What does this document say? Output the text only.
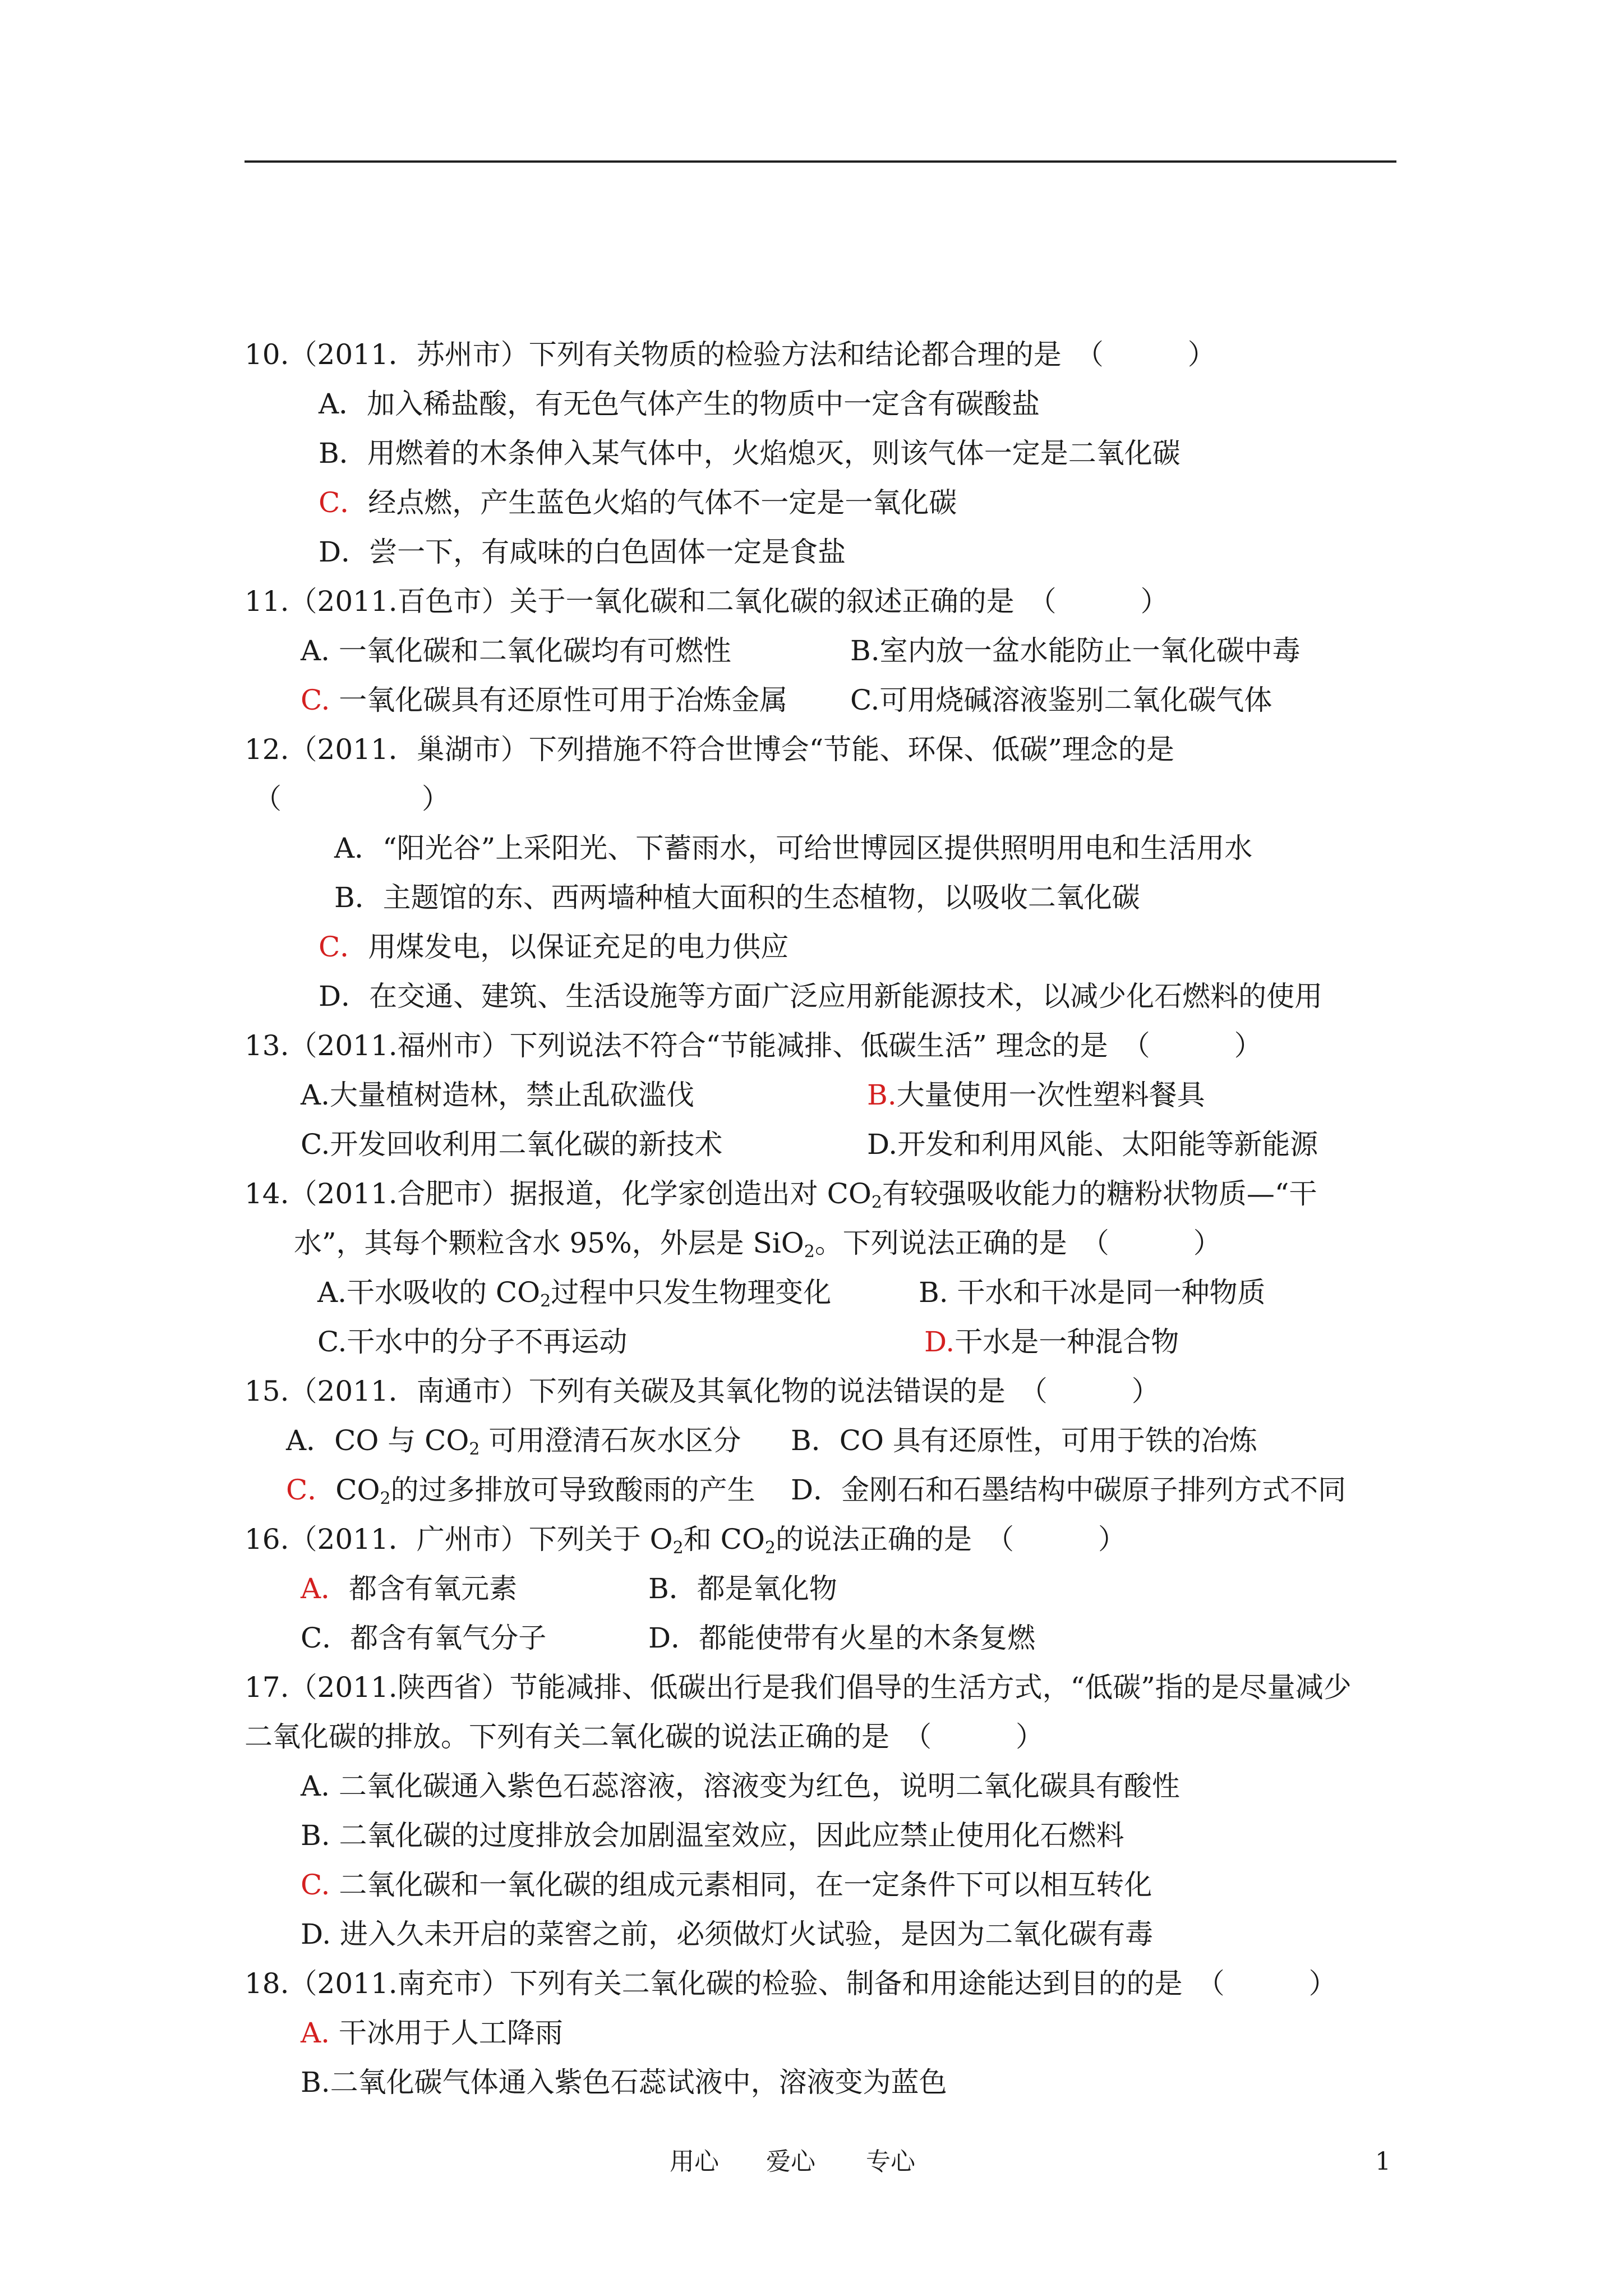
10.（2011．苏州市）下列有关物质的检验方法和结论都合理的是　（　　　）
A．加入稀盐酸，有无色气体产生的物质中一定含有碳酸盐
B．用燃着的木条伸入某气体中，火焰熄灭，则该气体一定是二氧化碳
C．经点燃，产生蓝色火焰的气体不一定是一氧化碳
D．尝一下，有咸味的白色固体一定是食盐
11.（2011.百色市）关于一氧化碳和二氧化碳的叙述正确的是　（　　　）
A. 一氧化碳和二氧化碳均有可燃性	B.室内放一盆水能防止一氧化碳中毒
C. 一氧化碳具有还原性可用于冶炼金属 C.可用烧碱溶液鉴别二氧化碳气体
12.（2011．巢湖市）下列措施不符合世博会“节能、环保、低碳”理念的是
（　　　　　）
A．“阳光谷”上采阳光、下蓄雨水，可给世博园区提供照明用电和生活用水
B．主题馆的东、西两墙种植大面积的生态植物，以吸收二氧化碳
C．用煤发电，以保证充足的电力供应
D．在交通、建筑、生活设施等方面广泛应用新能源技术，以减少化石燃料的使用
13.（2011.福州市）下列说法不符合“节能减排、低碳生活” 理念的是　（　　　）
A.大量植树造林，禁止乱砍滥伐	B.大量使用一次性塑料餐具
C.开发回收利用二氧化碳的新技术	D.开发和利用风能、太阳能等新能源
14.（2011.合肥市）据报道，化学家创造出对 $CO_2$有较强吸收能力的糖粉状物质—“干
水”，其每个颗粒含水 95%，外层是 SiO$_2$。下列说法正确的是　（　　　）
A.干水吸收的 $CO_2$过程中只发生物理变化	B. 干水和干冰是同一种物质
C.干水中的分子不再运动	D.干水是一种混合物
15.（2011．南通市）下列有关碳及其氧化物的说法错误的是　（　　　）
A．CO 与 $CO_2$ 可用澄清石灰水区分 B．CO 具有还原性，可用于铁的冶炼
C．$CO_2$的过多排放可导致酸雨的产生 D．金刚石和石墨结构中碳原子排列方式不同
16.（2011．广州市）下列关于 $O_2$和 $CO_2$的说法正确的是　（　　　）
A．都含有氧元素	B．都是氧化物
C．都含有氧气分子	D．都能使带有火星的木条复燃
17.（2011.陕西省）节能减排、低碳出行是我们倡导的生活方式，“低碳”指的是尽量减少
二氧化碳的排放。下列有关二氧化碳的说法正确的是　（　　　）
A. 二氧化碳通入紫色石蕊溶液，溶液变为红色，说明二氧化碳具有酸性
B. 二氧化碳的过度排放会加剧温室效应，因此应禁止使用化石燃料
C. 二氧化碳和一氧化碳的组成元素相同，在一定条件下可以相互转化
D. 进入久未开启的菜窖之前，必须做灯火试验，是因为二氧化碳有毒
18.（2011.南充市）下列有关二氧化碳的检验、制备和用途能达到目的的是　（　　　）
A. 干冰用于人工降雨
B.二氧化碳气体通入紫色石蕊试液中，溶液变为蓝色
用心 爱心 专心	1
